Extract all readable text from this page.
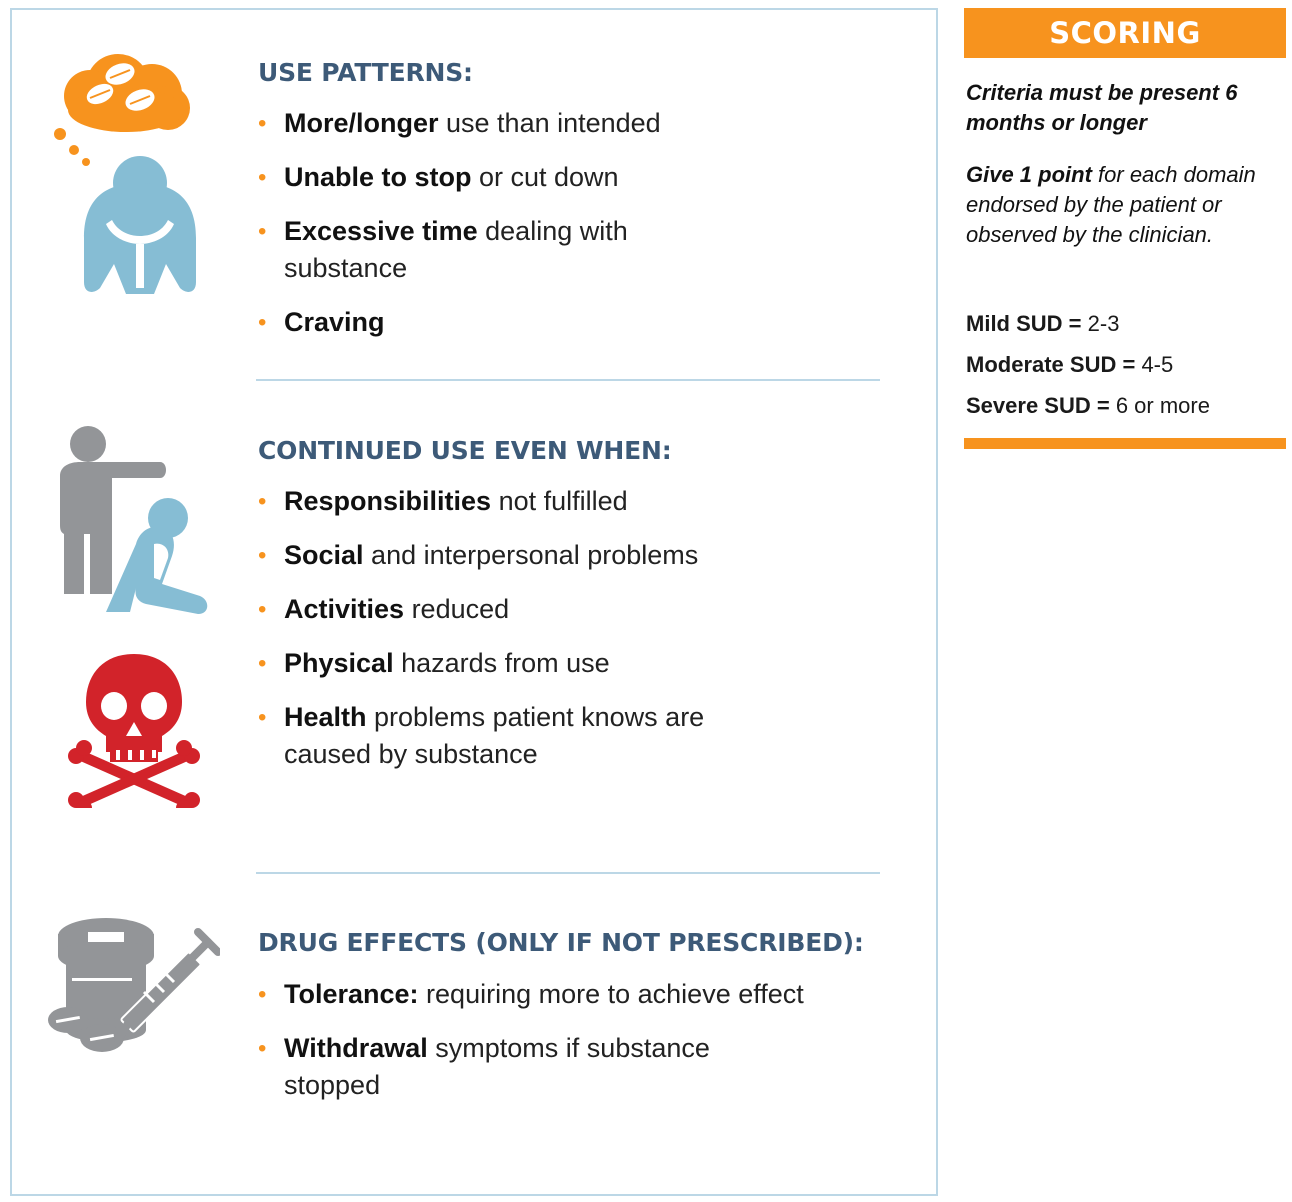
USE PATTERNS:
• More/longer use than intended
• Unable to stop or cut down
• Excessive time dealing with substance
• Craving
CONTINUED USE EVEN WHEN:
• Responsibilities not fulfilled
• Social and interpersonal problems
• Activities reduced
• Physical hazards from use
• Health problems patient knows are caused by substance
DRUG EFFECTS (ONLY IF NOT PRESCRIBED):
• Tolerance: requiring more to achieve effect
• Withdrawal symptoms if substance stopped
SCORING
Criteria must be present 6 months or longer
Give 1 point for each domain endorsed by the patient or observed by the clinician.
Mild SUD = 2-3
Moderate SUD = 4-5
Severe SUD = 6 or more
